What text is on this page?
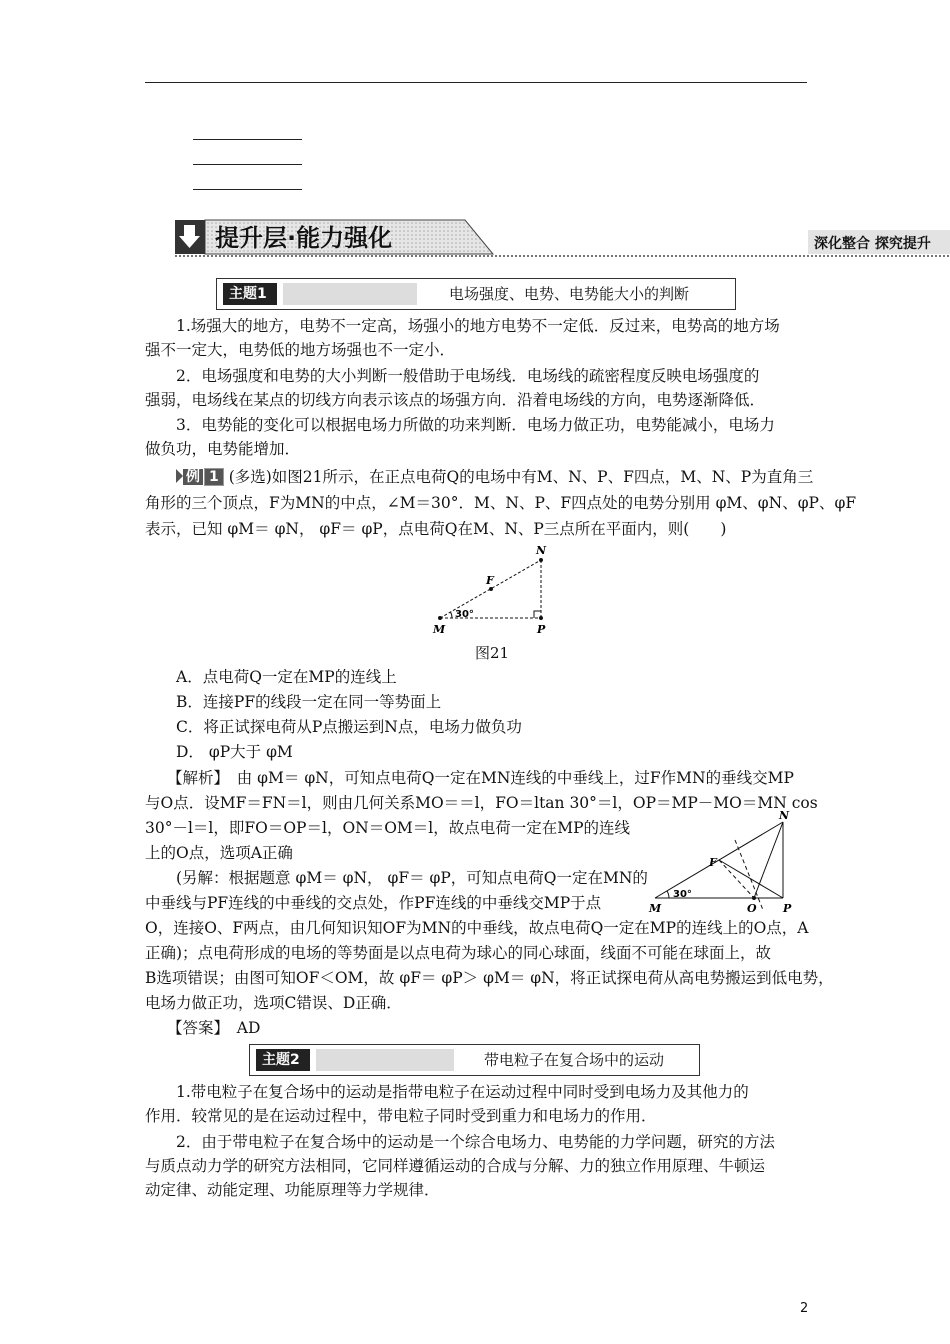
提升层·能力强化	深化整合 探究提升
主题1	电场强度、电势、电势能大小的判断
1.场强大的地方，电势不一定高，场强小的地方电势不一定低．反过来，电势高的地方场
强不一定大，电势低的地方场强也不一定小．
2．电场强度和电势的大小判断一般借助于电场线．电场线的疏密程度反映电场强度的
强弱，电场线在某点的切线方向表示该点的场强方向．沿着电场线的方向，电势逐渐降低．
3．电势能的变化可以根据电场力所做的功来判断．电场力做正功，电势能减小，电场力
做负功，电势能增加．
例 1 (多选)如图21所示，在正点电荷Q的电场中有M、N、P、F四点，M、N、P为直角三
角形的三个顶点，F为MN的中点，∠M＝30°．M、N、P、F四点处的电势分别用 φM、φN、φP、φF
表示，已知 φM＝ φN， φF＝ φP，点电荷Q在M、N、P三点所在平面内，则(　　)
N
F
M	P
30°
图21
A．点电荷Q一定在MP的连线上
B．连接PF的线段一定在同一等势面上
C．将正试探电荷从P点搬运到N点，电场力做负功
D． φP大于 φM
【解析】　由 φM＝ φN，可知点电荷Q一定在MN连线的中垂线上，过F作MN的垂线交MP
与O点．设MF＝FN＝l，则由几何关系MO＝＝l，FO＝ltan 30°＝l，OP＝MP－MO＝MN cos
30°－l＝l，即FO＝OP＝l，ON＝OM＝l，故点电荷一定在MP的连线
上的O点，选项A正确
(另解：根据题意 φM＝ φN， φF＝ φP，可知点电荷Q一定在MN的
中垂线与PF连线的中垂线的交点处，作PF连线的中垂线交MP于点
O，连接O、F两点，由几何知识知OF为MN的中垂线，故点电荷Q一定在MP的连线上的O点，A
正确)；点电荷形成的电场的等势面是以点电荷为球心的同心球面，线面不可能在球面上，故
B选项错误；由图可知OF＜OM，故 φF＝ φP＞ φM＝ φN，将正试探电荷从高电势搬运到低电势，
电场力做正功，选项C错误、D正确．
N
F
M	O P
30°
【答案】　AD
主题2	带电粒子在复合场中的运动
1.带电粒子在复合场中的运动是指带电粒子在运动过程中同时受到电场力及其他力的
作用．较常见的是在运动过程中，带电粒子同时受到重力和电场力的作用．
2．由于带电粒子在复合场中的运动是一个综合电场力、电势能的力学问题，研究的方法
与质点动力学的研究方法相同，它同样遵循运动的合成与分解、力的独立作用原理、牛顿运
动定律、动能定理、功能原理等力学规律．
2
